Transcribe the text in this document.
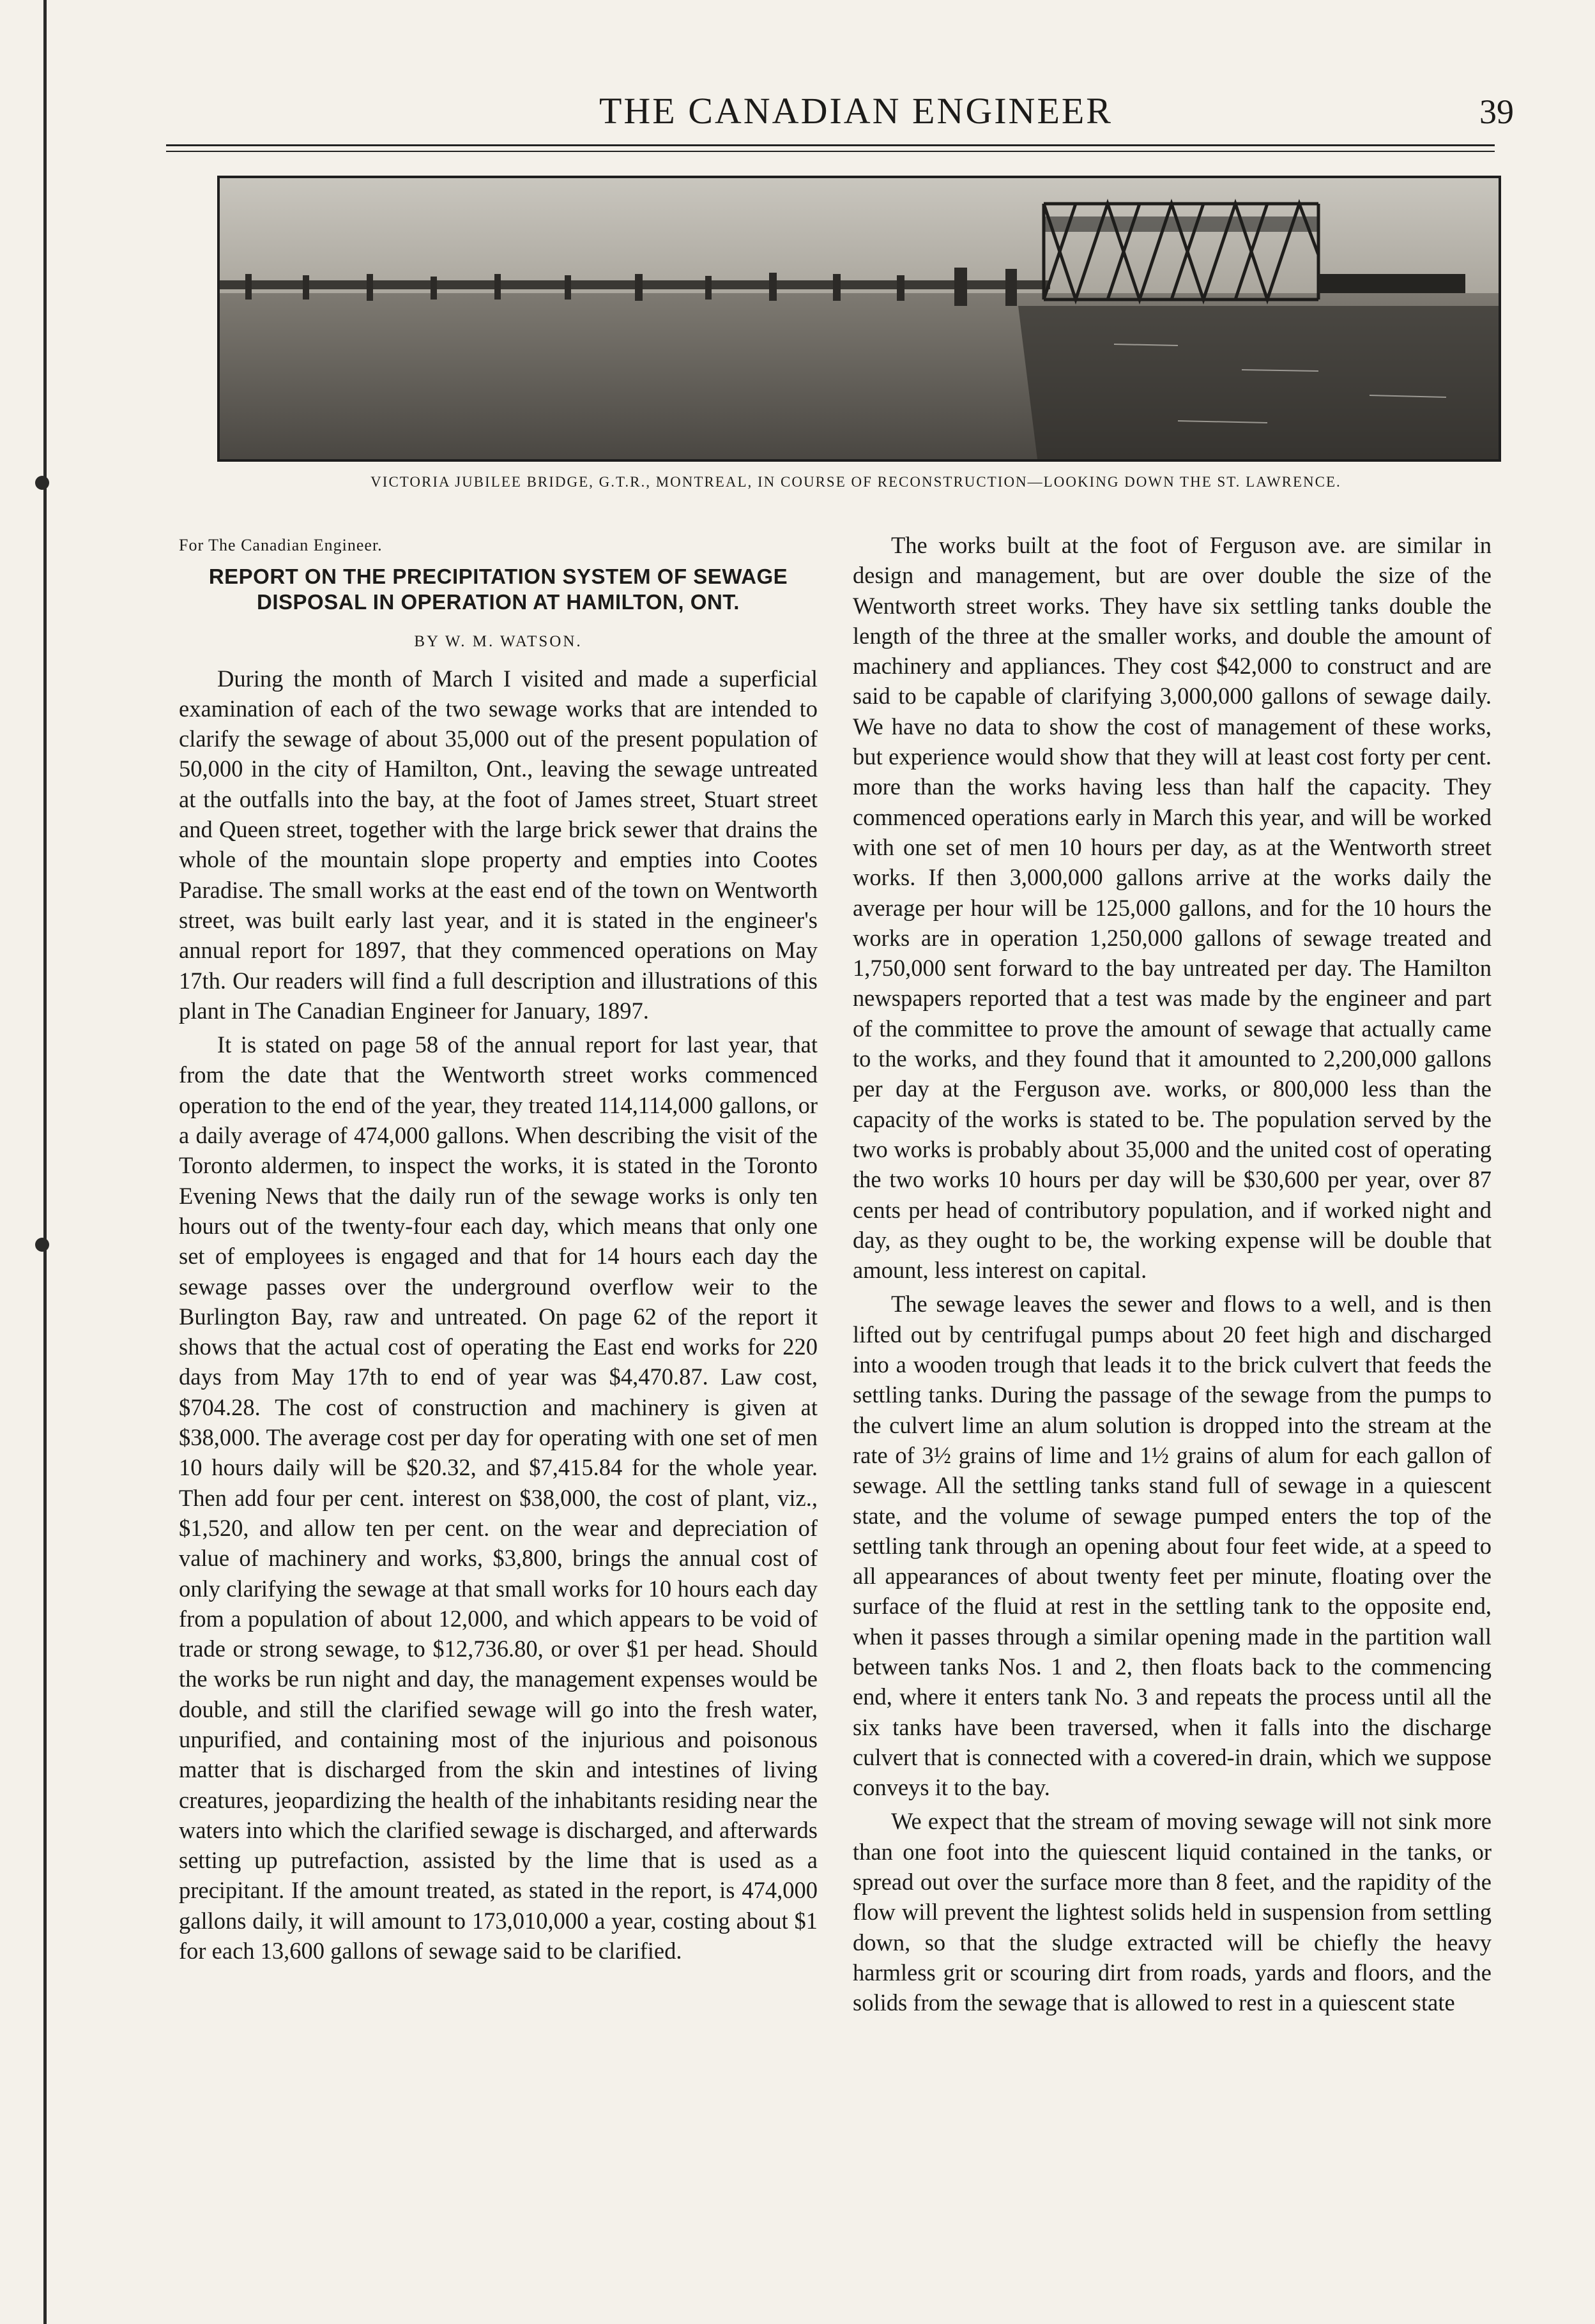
THE CANADIAN ENGINEER	39
VICTORIA JUBILEE BRIDGE, G.T.R., MONTREAL, IN COURSE OF RECONSTRUCTION—LOOKING DOWN THE ST. LAWRENCE.
For The Canadian Engineer.
REPORT ON THE PRECIPITATION SYSTEM OF SEWAGE DISPOSAL IN OPERATION AT HAMILTON, ONT.
BY W. M. WATSON.

During the month of March I visited and made a superficial examination of each of the two sewage works that are intended to clarify the sewage of about 35,000 out of the present population of 50,000 in the city of Hamilton, Ont., leaving the sewage untreated at the outfalls into the bay, at the foot of James street, Stuart street and Queen street, together with the large brick sewer that drains the whole of the mountain slope property and empties into Cootes Paradise. The small works at the east end of the town on Wentworth street, was built early last year, and it is stated in the engineer's annual report for 1897, that they commenced operations on May 17th. Our readers will find a full description and illustrations of this plant in The Canadian Engineer for January, 1897.

It is stated on page 58 of the annual report for last year, that from the date that the Wentworth street works commenced operation to the end of the year, they treated 114,114,000 gallons, or a daily average of 474,000 gallons. When describing the visit of the Toronto aldermen, to inspect the works, it is stated in the Toronto Evening News that the daily run of the sewage works is only ten hours out of the twenty-four each day, which means that only one set of employees is engaged and that for 14 hours each day the sewage passes over the underground overflow weir to the Burlington Bay, raw and untreated. On page 62 of the report it shows that the actual cost of operating the East end works for 220 days from May 17th to end of year was $4,470.87. Law cost, $704.28. The cost of construction and machinery is given at $38,000. The average cost per day for operating with one set of men 10 hours daily will be $20.32, and $7,415.84 for the whole year. Then add four per cent. interest on $38,000, the cost of plant, viz., $1,520, and allow ten per cent. on the wear and depreciation of value of machinery and works, $3,800, brings the annual cost of only clarifying the sewage at that small works for 10 hours each day from a population of about 12,000, and which appears to be void of trade or strong sewage, to $12,736.80, or over $1 per head. Should the works be run night and day, the management expenses would be double, and still the clarified sewage will go into the fresh water, unpurified, and containing most of the injurious and poisonous matter that is discharged from the skin and intestines of living creatures, jeopardizing the health of the inhabitants residing near the waters into which the clarified sewage is discharged, and afterwards setting up putrefaction, assisted by the lime that is used as a precipitant. If the amount treated, as stated in the report, is 474,000 gallons daily, it will amount to 173,010,000 a year, costing about $1 for each 13,600 gallons of sewage said to be clarified.

The works built at the foot of Ferguson ave. are similar in design and management, but are over double the size of the Wentworth street works. They have six settling tanks double the length of the three at the smaller works, and double the amount of machinery and appliances. They cost $42,000 to construct and are said to be capable of clarifying 3,000,000 gallons of sewage daily. We have no data to show the cost of management of these works, but experience would show that they will at least cost forty per cent. more than the works having less than half the capacity. They commenced operations early in March this year, and will be worked with one set of men 10 hours per day, as at the Wentworth street works. If then 3,000,000 gallons arrive at the works daily the average per hour will be 125,000 gallons, and for the 10 hours the works are in operation 1,250,000 gallons of sewage treated and 1,750,000 sent forward to the bay untreated per day. The Hamilton newspapers reported that a test was made by the engineer and part of the committee to prove the amount of sewage that actually came to the works, and they found that it amounted to 2,200,000 gallons per day at the Ferguson ave. works, or 800,000 less than the capacity of the works is stated to be. The population served by the two works is probably about 35,000 and the united cost of operating the two works 10 hours per day will be $30,600 per year, over 87 cents per head of contributory population, and if worked night and day, as they ought to be, the working expense will be double that amount, less interest on capital.

The sewage leaves the sewer and flows to a well, and is then lifted out by centrifugal pumps about 20 feet high and discharged into a wooden trough that leads it to the brick culvert that feeds the settling tanks. During the passage of the sewage from the pumps to the culvert lime an alum solution is dropped into the stream at the rate of 3½ grains of lime and 1½ grains of alum for each gallon of sewage. All the settling tanks stand full of sewage in a quiescent state, and the volume of sewage pumped enters the top of the settling tank through an opening about four feet wide, at a speed to all appearances of about twenty feet per minute, floating over the surface of the fluid at rest in the settling tank to the opposite end, when it passes through a similar opening made in the partition wall between tanks Nos. 1 and 2, then floats back to the commencing end, where it enters tank No. 3 and repeats the process until all the six tanks have been traversed, when it falls into the discharge culvert that is connected with a covered-in drain, which we suppose conveys it to the bay.

We expect that the stream of moving sewage will not sink more than one foot into the quiescent liquid contained in the tanks, or spread out over the surface more than 8 feet, and the rapidity of the flow will prevent the lightest solids held in suspension from settling down, so that the sludge extracted will be chiefly the heavy harmless grit or scouring dirt from roads, yards and floors, and the solids from the sewage that is allowed to rest in a quiescent state
